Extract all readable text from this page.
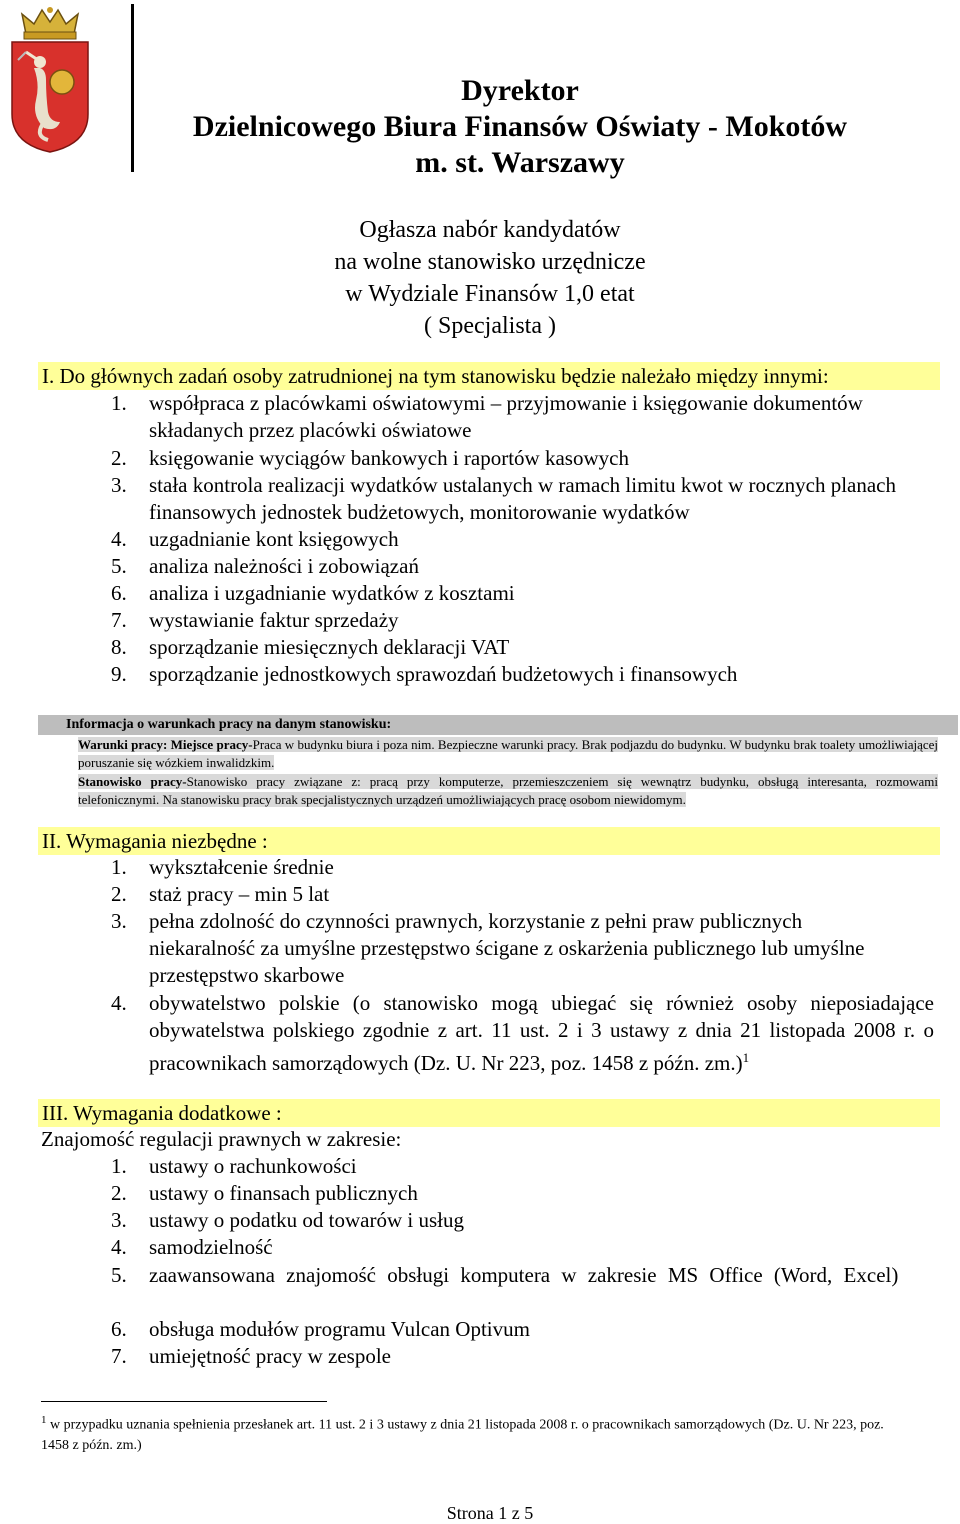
Dyrektor
Dzielnicowego Biura Finansów Oświaty - Mokotów
m. st. Warszawy
Ogłasza nabór kandydatów
na wolne stanowisko urzędnicze
w Wydziale Finansów 1,0 etat
( Specjalista )
I. Do głównych zadań osoby zatrudnionej na tym stanowisku będzie należało między innymi:
1. współpraca z placówkami oświatowymi – przyjmowanie i księgowanie dokumentów składanych przez placówki oświatowe
2. księgowanie wyciągów bankowych i raportów kasowych
3. stała kontrola realizacji wydatków ustalanych w ramach limitu kwot w rocznych planach finansowych jednostek budżetowych, monitorowanie wydatków
4. uzgadnianie kont księgowych
5. analiza należności i zobowiązań
6. analiza i uzgadnianie wydatków z kosztami
7. wystawianie faktur sprzedaży
8. sporządzanie miesięcznych deklaracji VAT
9. sporządzanie jednostkowych sprawozdań budżetowych i finansowych
Informacja o warunkach pracy na danym stanowisku:
Warunki pracy: Miejsce pracy-Praca w budynku biura i poza nim. Bezpieczne warunki pracy. Brak podjazdu do budynku. W budynku brak toalety umożliwiającej poruszanie się wózkiem inwalidzkim.
Stanowisko pracy-Stanowisko pracy związane z: pracą przy komputerze, przemieszczeniem się wewnątrz budynku, obsługą interesanta, rozmowami telefonicznymi. Na stanowisku pracy brak specjalistycznych urządzeń umożliwiających pracę osobom niewidomym.
II. Wymagania niezbędne :
1. wykształcenie średnie
2. staż pracy – min 5 lat
3. pełna zdolność do czynności prawnych, korzystanie z pełni praw publicznych niekaralność za umyślne przestępstwo ścigane z oskarżenia publicznego lub umyślne przestępstwo skarbowe
4. obywatelstwo polskie (o stanowisko mogą ubiegać się również osoby nieposiadające obywatelstwa polskiego zgodnie z art. 11 ust. 2 i 3 ustawy z dnia 21 listopada 2008 r. o pracownikach samorządowych (Dz. U. Nr 223, poz. 1458 z późn. zm.)$^1$
III. Wymagania dodatkowe :
Znajomość regulacji prawnych w zakresie:
1. ustawy o rachunkowości
2. ustawy o finansach publicznych
3. ustawy o podatku od towarów i usług
4. samodzielność
5. zaawansowana znajomość obsługi komputera w zakresie MS Office (Word, Excel)
6. obsługa modułów programu Vulcan Optivum
7. umiejętność pracy w zespole
$^1$ w przypadku uznania spełnienia przesłanek art. 11 ust. 2 i 3 ustawy z dnia 21 listopada 2008 r. o pracownikach samorządowych (Dz. U. Nr 223, poz. 1458 z późn. zm.)
Strona 1 z 5
